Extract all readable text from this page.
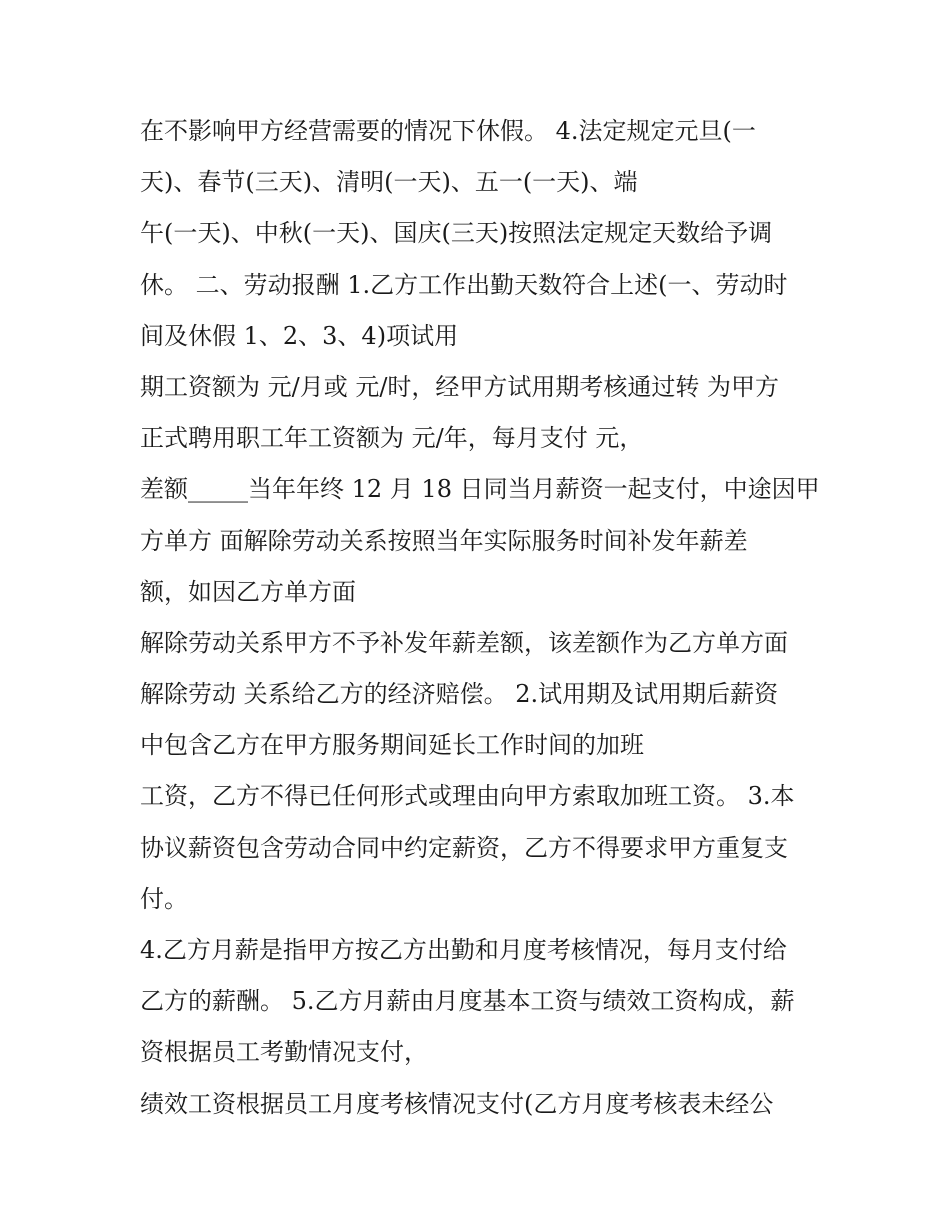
在不影响甲方经营需要的情况下休假。 4.法定规定元旦(一
天)、春节(三天)、清明(一天)、五一(一天)、端
午(一天)、中秋(一天)、国庆(三天)按照法定规定天数给予调
休。 二、劳动报酬 1.乙方工作出勤天数符合上述(一、劳动时
间及休假 1、2、3、4)项试用
期工资额为 元/月或 元/时，经甲方试用期考核通过转 为甲方
正式聘用职工年工资额为 元/年，每月支付 元，
差额_____当年年终 12 月 18 日同当月薪资一起支付，中途因甲
方单方 面解除劳动关系按照当年实际服务时间补发年薪差
额，如因乙方单方面
解除劳动关系甲方不予补发年薪差额，该差额作为乙方单方面
解除劳动 关系给乙方的经济赔偿。 2.试用期及试用期后薪资
中包含乙方在甲方服务期间延长工作时间的加班
工资，乙方不得已任何形式或理由向甲方索取加班工资。 3.本
协议薪资包含劳动合同中约定薪资，乙方不得要求甲方重复支
付。
4.乙方月薪是指甲方按乙方出勤和月度考核情况，每月支付给
乙方的薪酬。 5.乙方月薪由月度基本工资与绩效工资构成，薪
资根据员工考勤情况支付，
绩效工资根据员工月度考核情况支付(乙方月度考核表未经公
